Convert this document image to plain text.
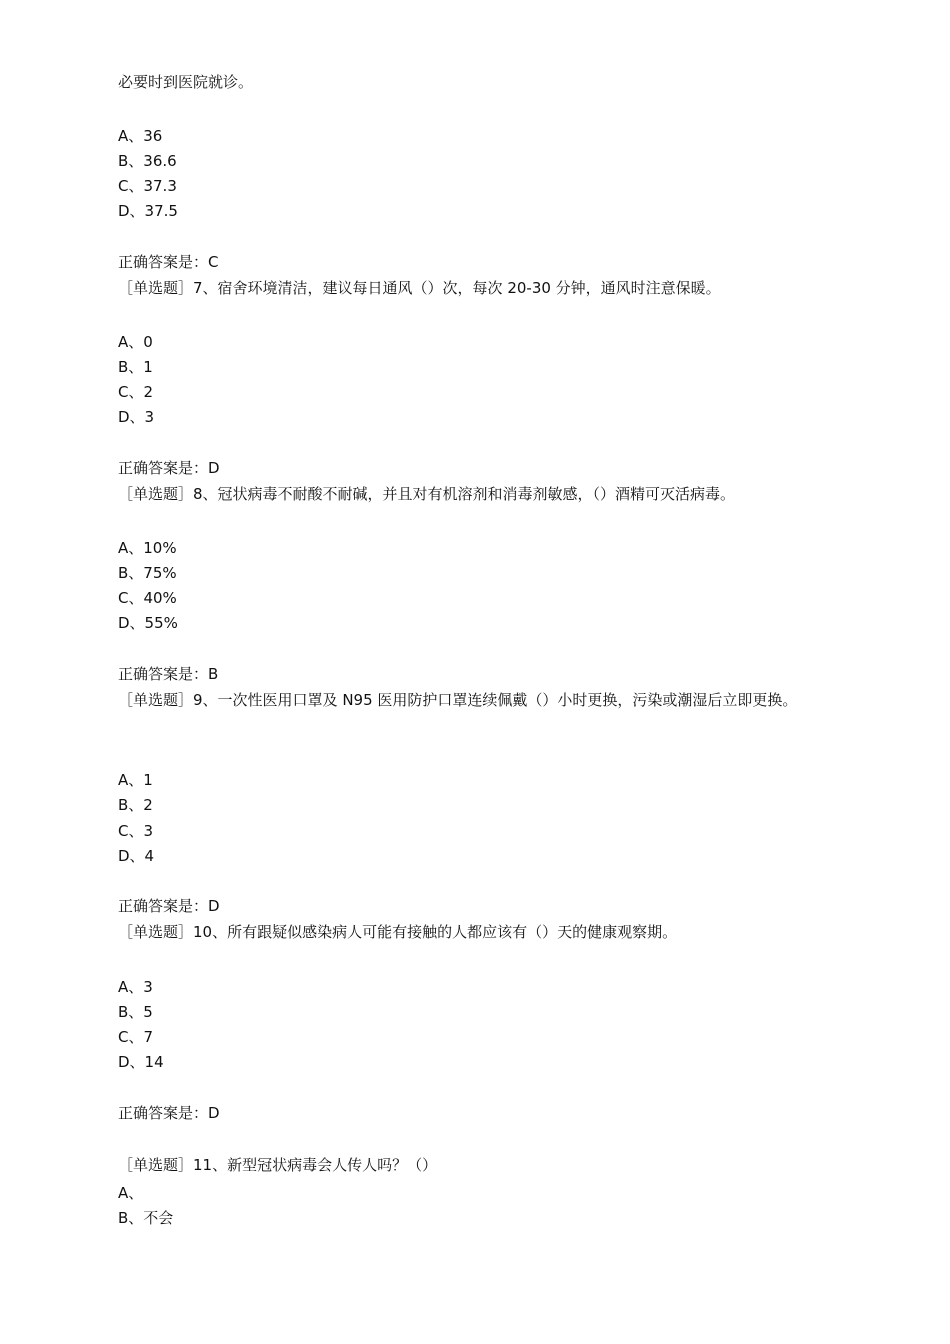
必要时到医院就诊。
A、36
B、36.6
C、37.3
D、37.5
正确答案是：C
［单选题］7、宿舍环境清洁，建议每日通风（）次，每次 20-30 分钟，通风时注意保暖。
A、0
B、1
C、2
D、3
正确答案是：D
［单选题］8、冠状病毒不耐酸不耐碱，并且对有机溶剂和消毒剂敏感，（）酒精可灭活病毒。
A、10%
B、75%
C、40%
D、55%
正确答案是：B
［单选题］9、一次性医用口罩及 N95 医用防护口罩连续佩戴（）小时更换，污染或潮湿后立即更换。
A、1
B、2
C、3
D、4
正确答案是：D
［单选题］10、所有跟疑似感染病人可能有接触的人都应该有（）天的健康观察期。
A、3
B、5
C、7
D、14
正确答案是：D
［单选题］11、新型冠状病毒会人传人吗？（）
A、
B、不会
